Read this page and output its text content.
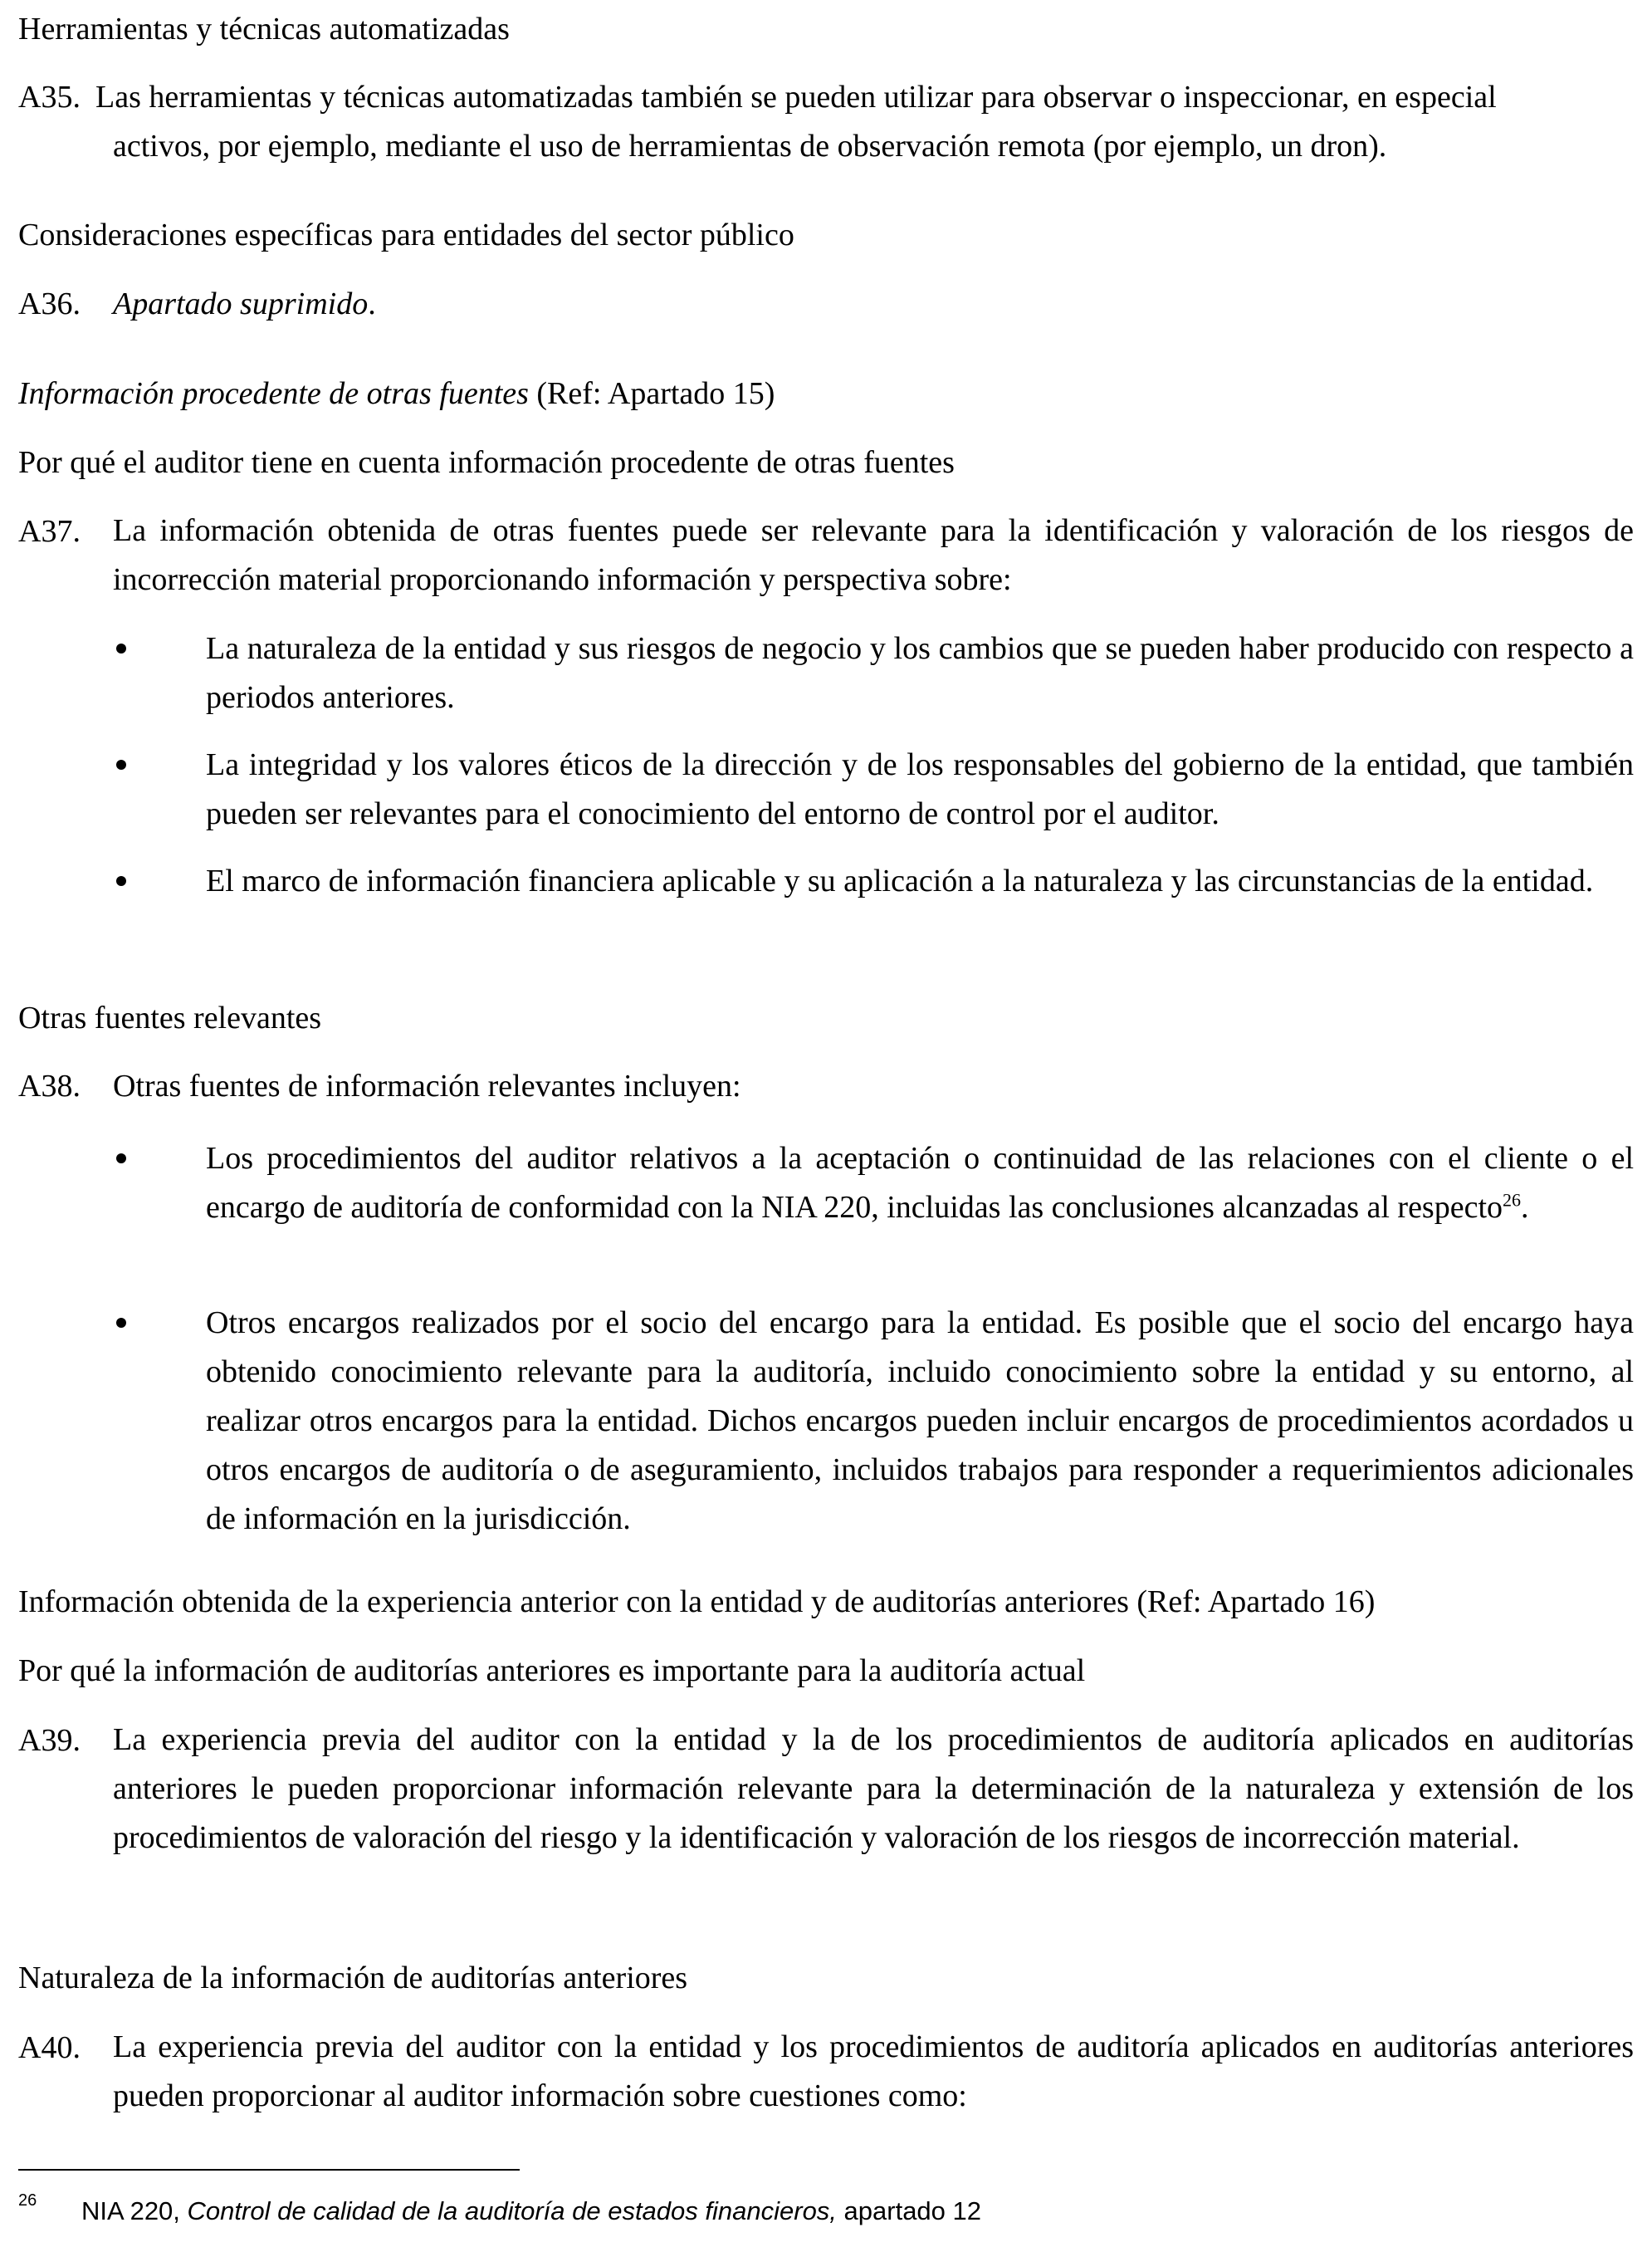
Herramientas y técnicas automatizadas
A35. Las herramientas y técnicas automatizadas también se pueden utilizar para observar o inspeccionar, en especial
activos, por ejemplo, mediante el uso de herramientas de observación remota (por ejemplo, un dron).
Consideraciones específicas para entidades del sector público
A36. Apartado suprimido.
Información procedente de otras fuentes (Ref: Apartado 15)
Por qué el auditor tiene en cuenta información procedente de otras fuentes
A37. La información obtenida de otras fuentes puede ser relevante para la identificación y valoración de los riesgos de incorrección material proporcionando información y perspectiva sobre:
La naturaleza de la entidad y sus riesgos de negocio y los cambios que se pueden haber producido con respecto a periodos anteriores.
La integridad y los valores éticos de la dirección y de los responsables del gobierno de la entidad, que también pueden ser relevantes para el conocimiento del entorno de control por el auditor.
El marco de información financiera aplicable y su aplicación a la naturaleza y las circunstancias de la entidad.
Otras fuentes relevantes
A38. Otras fuentes de información relevantes incluyen:
Los procedimientos del auditor relativos a la aceptación o continuidad de las relaciones con el cliente o el encargo de auditoría de conformidad con la NIA 220, incluidas las conclusiones alcanzadas al respecto$^{26}$.
Otros encargos realizados por el socio del encargo para la entidad. Es posible que el socio del encargo haya obtenido conocimiento relevante para la auditoría, incluido conocimiento sobre la entidad y su entorno, al realizar otros encargos para la entidad. Dichos encargos pueden incluir encargos de procedimientos acordados u otros encargos de auditoría o de aseguramiento, incluidos trabajos para responder a requerimientos adicionales de información en la jurisdicción.
Información obtenida de la experiencia anterior con la entidad y de auditorías anteriores (Ref: Apartado 16)
Por qué la información de auditorías anteriores es importante para la auditoría actual
A39. La experiencia previa del auditor con la entidad y la de los procedimientos de auditoría aplicados en auditorías anteriores le pueden proporcionar información relevante para la determinación de la naturaleza y extensión de los procedimientos de valoración del riesgo y la identificación y valoración de los riesgos de incorrección material.
Naturaleza de la información de auditorías anteriores
A40. La experiencia previa del auditor con la entidad y los procedimientos de auditoría aplicados en auditorías anteriores pueden proporcionar al auditor información sobre cuestiones como:
26 NIA 220, Control de calidad de la auditoría de estados financieros, apartado 12
